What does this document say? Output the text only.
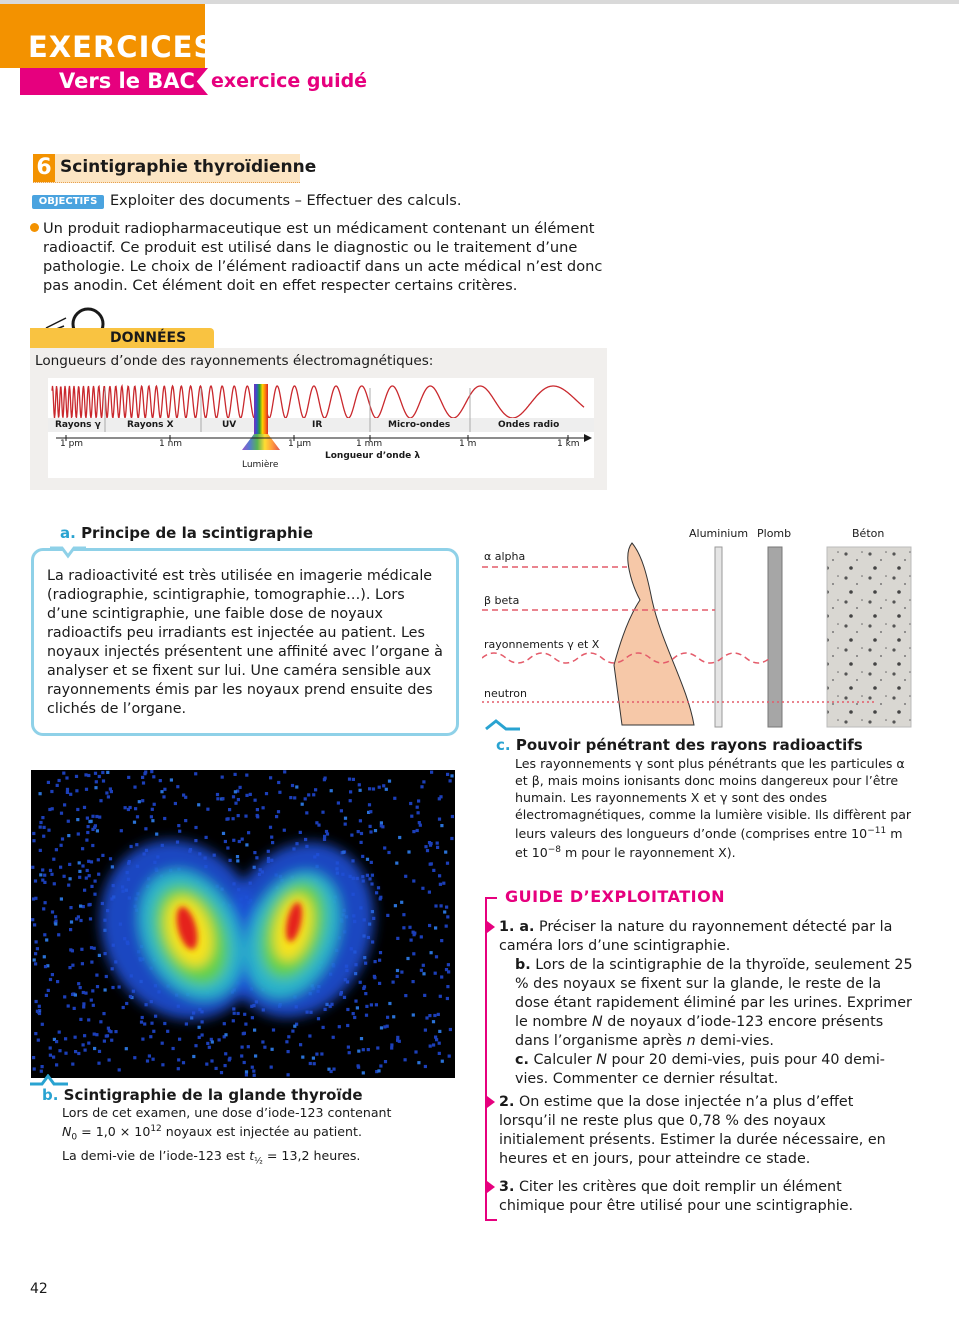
EXERCICES
Vers le BAC exercice guidé
6 Scintigraphie thyroïdienne
OBJECTIFS Exploiter des documents – Effectuer des calculs.
Un produit radiopharmaceutique est un médicament contenant un élément radioactif. Ce produit est utilisé dans le diagnostic ou le traitement d’une pathologie. Le choix de l’élément radioactif dans un acte médical n’est donc pas anodin. Cet élément doit en effet respecter certains critères.
DONNÉES
Longueurs d’onde des rayonnements électromagnétiques:
Rayons γ	Rayons X	UV	IR	Micro-ondes	Ondes radio
1 pm	1 nm	1 µm	1 mm	1 m	1 km
Lumière
Longueur d’onde λ
a. Principe de la scintigraphie
La radioactivité est très utilisée en imagerie médicale (radiographie, scintigraphie, tomographie…). Lors d’une scintigraphie, une faible dose de noyaux radioactifs peu irradiants est injectée au patient. Les noyaux injectés présentent une affinité avec l’organe à analyser et se fixent sur lui. Une caméra sensible aux rayonnements émis par les noyaux prend ensuite des clichés de l’organe.
Aluminium Plomb	Béton
α alpha
β beta
rayonnements γ et X
neutron
c. Pouvoir pénétrant des rayons radioactifs
Les rayonnements γ sont plus pénétrants que les particules α et β, mais moins ionisants donc moins dangereux pour l’être humain. Les rayonnements X et γ sont des ondes électromagnétiques, comme la lumière visible. Ils diffèrent par leurs valeurs des longueurs d’onde (comprises entre $10^{-11}$ m et $10^{-8}$ m pour le rayonnement X).
b. Scintigraphie de la glande thyroïde
Lors de cet examen, une dose d’iode-123 contenant
$N_0 = 1,0 \times 10^{12}$ noyaux est injectée au patient.
La demi-vie de l’iode-123 est $t_{\frac{1}{2}} = 13,2$ heures.
GUIDE D’EXPLOITATION
1. a. Préciser la nature du rayonnement détecté par la caméra lors d’une scintigraphie.
b. Lors de la scintigraphie de la thyroïde, seulement 25 % des noyaux se fixent sur la glande, le reste de la dose étant rapidement éliminé par les urines. Exprimer le nombre N de noyaux d’iode-123 encore présents dans l’organisme après n demi-vies.
c. Calculer N pour 20 demi-vies, puis pour 40 demi-vies. Commenter ce dernier résultat.
2. On estime que la dose injectée n’a plus d’effet lorsqu’il ne reste plus que 0,78 % des noyaux initialement présents. Estimer la durée nécessaire, en heures et en jours, pour atteindre ce stade.
3. Citer les critères que doit remplir un élément chimique pour être utilisé pour une scintigraphie.
42
